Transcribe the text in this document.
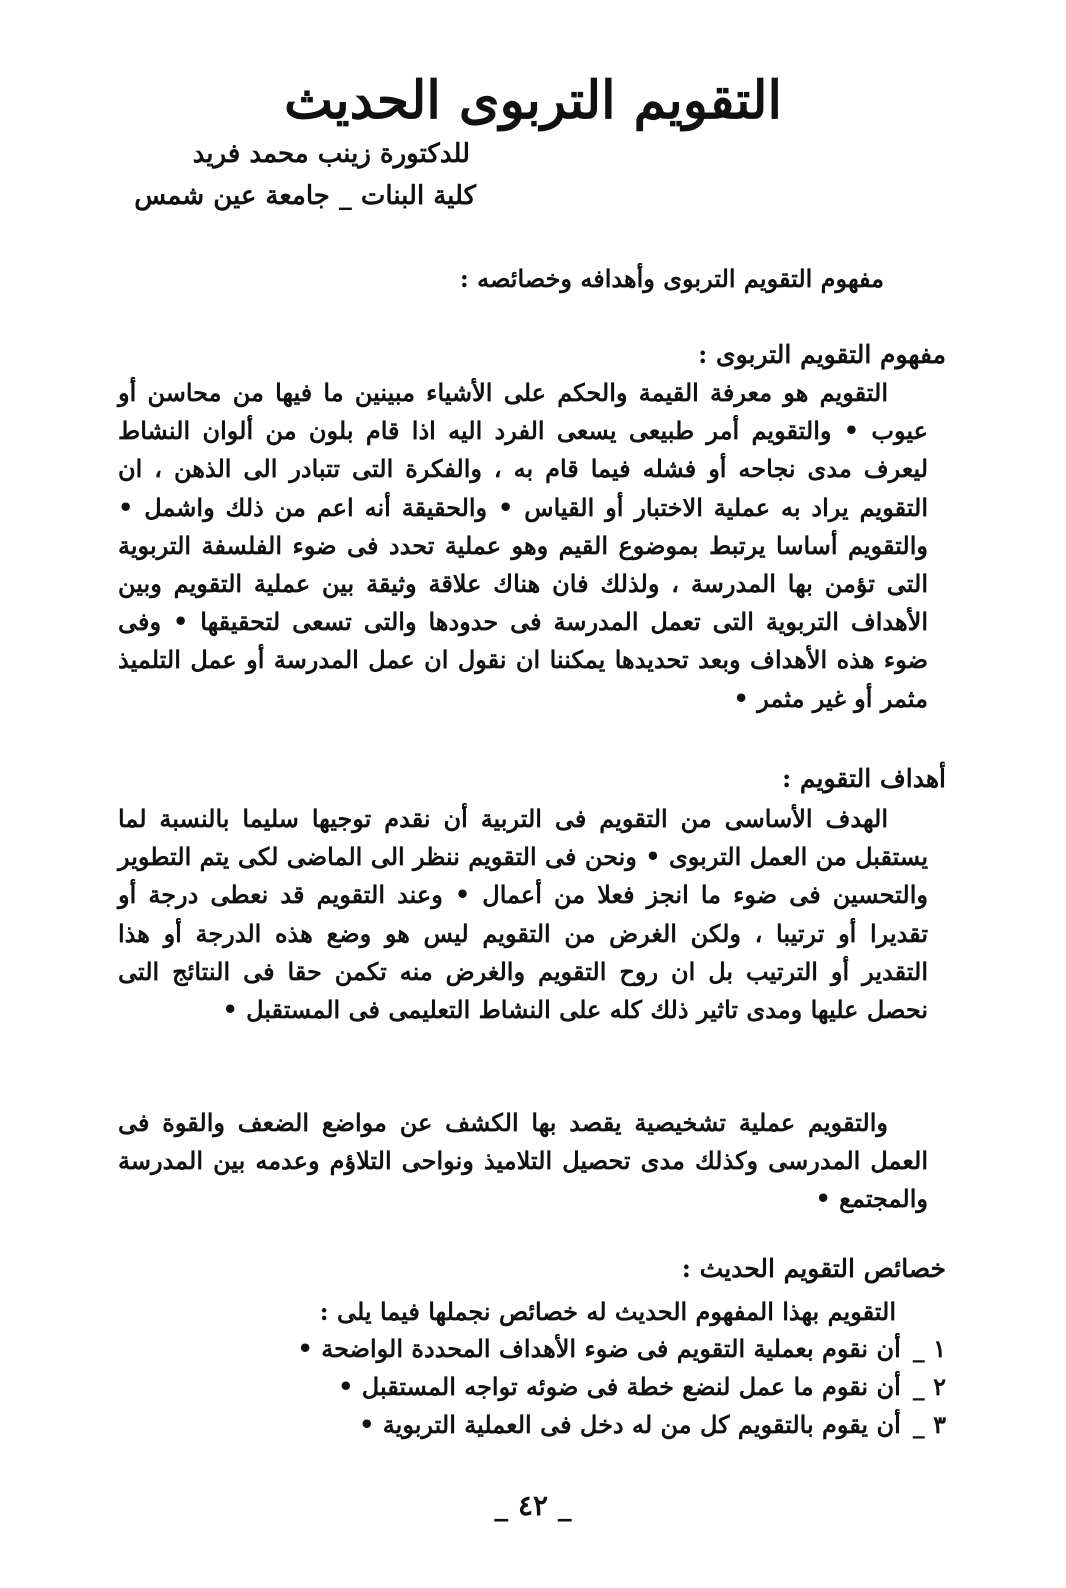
التقويم التربوى الحديث
للدكتورة زينب محمد فريد
كلية البنات _ جامعة عين شمس
مفهوم التقويم التربوى وأهدافه وخصائصه :
مفهوم التقويم التربوى :

التقويم هو معرفة القيمة والحكم على الأشياء مبينين ما فيها من محاسن أو عيوب • والتقويم أمر طبيعى يسعى الفرد اليه اذا قام بلون من ألوان النشاط ليعرف مدى نجاحه أو فشله فيما قام به ، والفكرة التى تتبادر الى الذهن ، ان التقويم يراد به عملية الاختبار أو القياس • والحقيقة أنه اعم من ذلك واشمل • والتقويم أساسا يرتبط بموضوع القيم وهو عملية تحدد فى ضوء الفلسفة التربوية التى تؤمن بها المدرسة ، ولذلك فان هناك علاقة وثيقة بين عملية التقويم وبين الأهداف التربوية التى تعمل المدرسة فى حدودها والتى تسعى لتحقيقها • وفى ضوء هذه الأهداف وبعد تحديدها يمكننا ان نقول ان عمل المدرسة أو عمل التلميذ مثمر أو غير مثمر •

أهداف التقويم :

الهدف الأساسى من التقويم فى التربية أن نقدم توجيها سليما بالنسبة لما يستقبل من العمل التربوى • ونحن فى التقويم ننظر الى الماضى لكى يتم التطوير والتحسين فى ضوء ما انجز فعلا من أعمال • وعند التقويم قد نعطى درجة أو تقديرا أو ترتيبا ، ولكن الغرض من التقويم ليس هو وضع هذه الدرجة أو هذا التقدير أو الترتيب بل ان روح التقويم والغرض منه تكمن حقا فى النتائج التى نحصل عليها ومدى تاثير ذلك كله على النشاط التعليمى فى المستقبل •

والتقويم عملية تشخيصية يقصد بها الكشف عن مواضع الضعف والقوة فى العمل المدرسى وكذلك مدى تحصيل التلاميذ ونواحى التلاؤم وعدمه بين المدرسة والمجتمع •

خصائص التقويم الحديث :
التقويم بهذا المفهوم الحديث له خصائص نجملها فيما يلى :
١ _أن نقوم بعملية التقويم فى ضوء الأهداف المحددة الواضحة •
٢ _أن نقوم ما عمل لنضع خطة فى ضوئه تواجه المستقبل •
٣ _أن يقوم بالتقويم كل من له دخل فى العملية التربوية •
_ ٤٢ _
